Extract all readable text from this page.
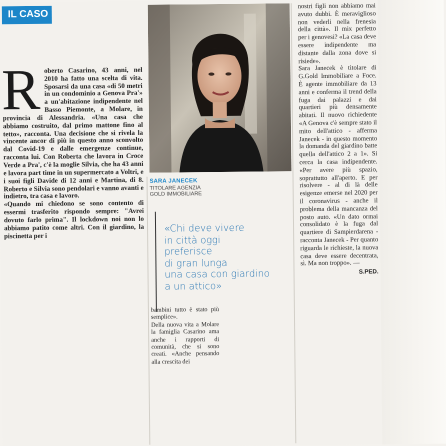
IL CASO

Roberto Casarino, 43 anni, nel 2010 ha fatto una scelta di vita. Sposarsi da una casa «di 50 metri in un condominio a Genova Pra'» a un'abitazione indipendente nel Basso Piemonte, a Molare, in provincia di Alessandria. «Una casa che abbiamo costruito, dal primo mattone fino al tetto», racconta. Una decisione che si rivela la vincente ancor di più in questo anno sconvolto dal Covid-19 e dalle emergenze continue, racconta lui. Con Roberta che lavora in Croce Verde a Pra', c'è la moglie Silvia, che ha 43 anni e lavora part time in un supermercato a Voltri, e i suoi figli Davide di 12 anni e Martina, di 8. Roberto e Silvia sono pendolari e vanno avanti e indietro, tra casa e lavoro.
«Quando mi chiedono se sono contento di essermi trasferito rispondo sempre: "Avrei dovuto farlo prima". Il lockdown noi non lo abbiamo patito come altri. Con il giardino, la piscinetta per i

SARA JANECEK
TITOLARE AGENZIA
GOLD IMMOBILIARE
«Chi deve vivere
in città oggi
preferisce
di gran lunga
una casa con giardino
a un attico»
bambini tutto è stato più semplice».
Della nuova vita a Molare la famiglia Casarino ama anche i rapporti di comunità, che si sono creati. «Anche pensando alla crescita dei
nostri figli non abbiamo mai avuto dubbi. È meraviglioso non vederli nella frenesia della città». Il mix perfetto per i genovesi? «La casa deve essere indipendente ma distante dalla zona dove si risiede».
Sara Janecek è titolare di G.Gold Immobiliare a Foce. È agente immobiliare da 13 anni e conferma il trend della fuga dai palazzi e dai quartieri più densamente abitati. Il nuovo richiedente «A Genova c'è sempre stato il mito dell'attico - afferma Janecek - in questo momento la domanda del giardino batte quella dell'attico 2 a 1». Si cerca la casa indipendente. «Per avere più spazio, soprattutto all'aperto. E per risolvere - al di là delle esigenze emerse nel 2020 per il coronavirus - anche il problema della mancanza del posto auto. «Un dato ormai consolidato è la fuga dal quartiere di Sampierdarena - racconta Janecek - Per quanto riguarda le richieste, la nuova casa deve essere decentrata, sì. Ma non troppo». —
S.PED.
